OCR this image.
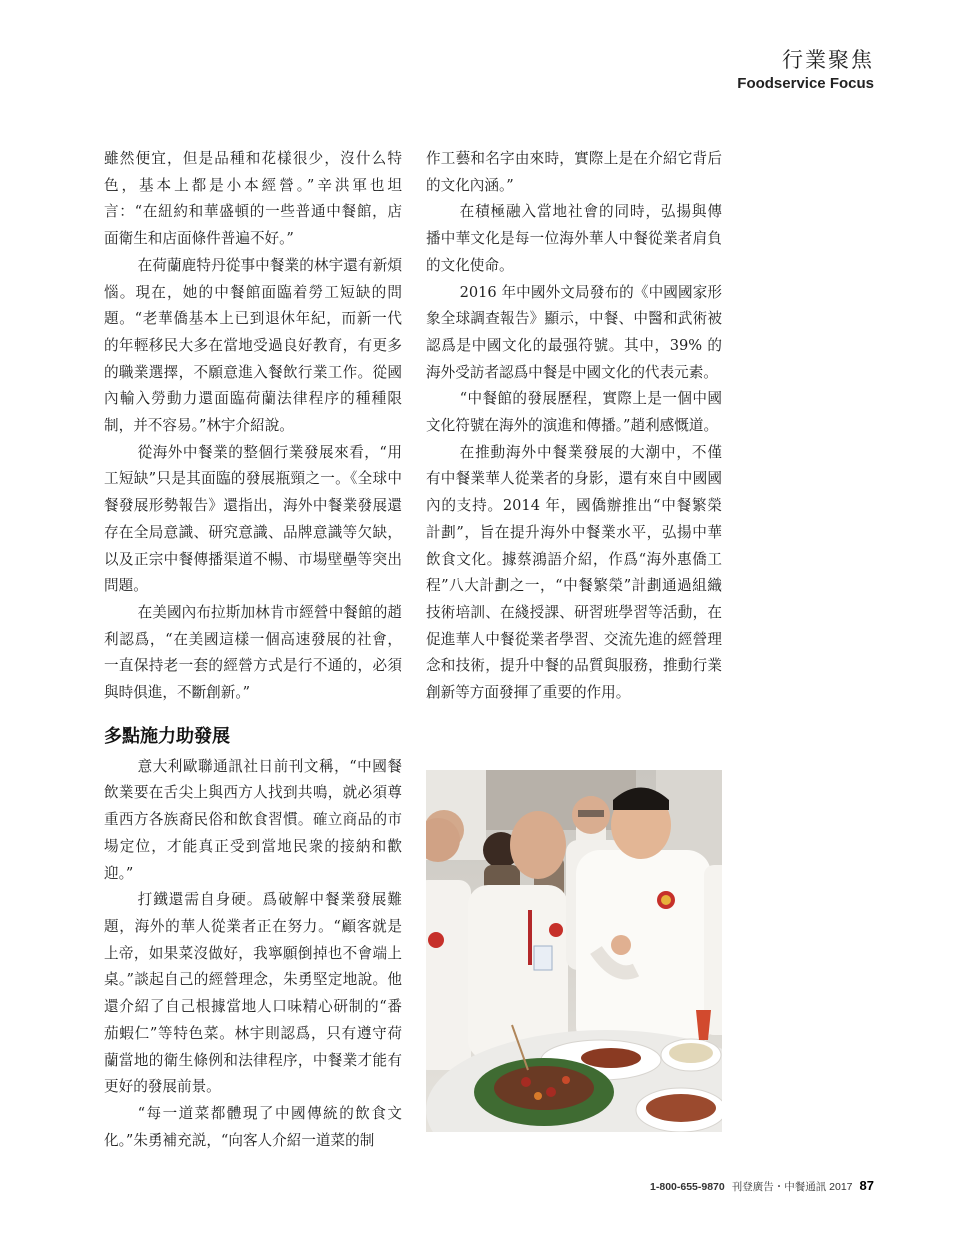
行業聚焦
Foodservice Focus

雖然便宜，但是品種和花樣很少，沒什么特色，基本上都是小本經營。”辛洪軍也坦言：“在紐約和華盛頓的一些普通中餐館，店面衛生和店面條件普遍不好。”

在荷蘭鹿特丹從事中餐業的林宇還有新煩惱。現在，她的中餐館面臨着勞工短缺的問題。“老華僑基本上已到退休年紀，而新一代的年輕移民大多在當地受過良好教育，有更多的職業選擇，不願意進入餐飲行業工作。從國內輸入勞動力還面臨荷蘭法律程序的種種限制，并不容易。”林宇介紹說。

從海外中餐業的整個行業發展來看，“用工短缺”只是其面臨的發展瓶頸之一。《全球中餐發展形勢報告》還指出，海外中餐業發展還存在全局意識、研究意識、品牌意識等欠缺，以及正宗中餐傳播渠道不暢、市場壁壘等突出問題。

在美國內布拉斯加林肯市經營中餐館的趙利認爲，“在美國這樣一個高速發展的社會，一直保持老一套的經營方式是行不通的，必須與時俱進，不斷創新。”

多點施力助發展

意大利歐聯通訊社日前刊文稱，“中國餐飲業要在舌尖上與西方人找到共鳴，就必須尊重西方各族裔民俗和飲食習慣。確立商品的市場定位，才能真正受到當地民衆的接納和歡迎。”

打鐵還需自身硬。爲破解中餐業發展難題，海外的華人從業者正在努力。“顧客就是上帝，如果菜沒做好，我寧願倒掉也不會端上桌。”談起自己的經營理念，朱勇堅定地說。他還介紹了自己根據當地人口味精心研制的“番茄蝦仁”等特色菜。林宇則認爲，只有遵守荷蘭當地的衛生條例和法律程序，中餐業才能有更好的發展前景。

“每一道菜都體現了中國傳統的飲食文化。”朱勇補充説，“向客人介紹一道菜的制

作工藝和名字由來時，實際上是在介紹它背后的文化內涵。”

在積極融入當地社會的同時，弘揚與傳播中華文化是每一位海外華人中餐從業者肩負的文化使命。

2016 年中國外文局發布的《中國國家形象全球調查報告》顯示，中餐、中醫和武術被認爲是中國文化的最强符號。其中，39% 的海外受訪者認爲中餐是中國文化的代表元素。

“中餐館的發展歷程，實際上是一個中國文化符號在海外的演進和傳播。”趙利感慨道。

在推動海外中餐業發展的大潮中，不僅有中餐業華人從業者的身影，還有來自中國國內的支持。2014 年，國僑辦推出“中餐繁榮計劃”，旨在提升海外中餐業水平，弘揚中華飲食文化。據蔡鴻語介紹，作爲“海外惠僑工程”八大計劃之一，“中餐繁榮”計劃通過組織技術培訓、在綫授課、研習班學習等活動，在促進華人中餐從業者學習、交流先進的經營理念和技術，提升中餐的品質與服務，推動行業創新等方面發揮了重要的作用。

1-800-655-9870 刊登廣告・中餐通訊 2017 87
